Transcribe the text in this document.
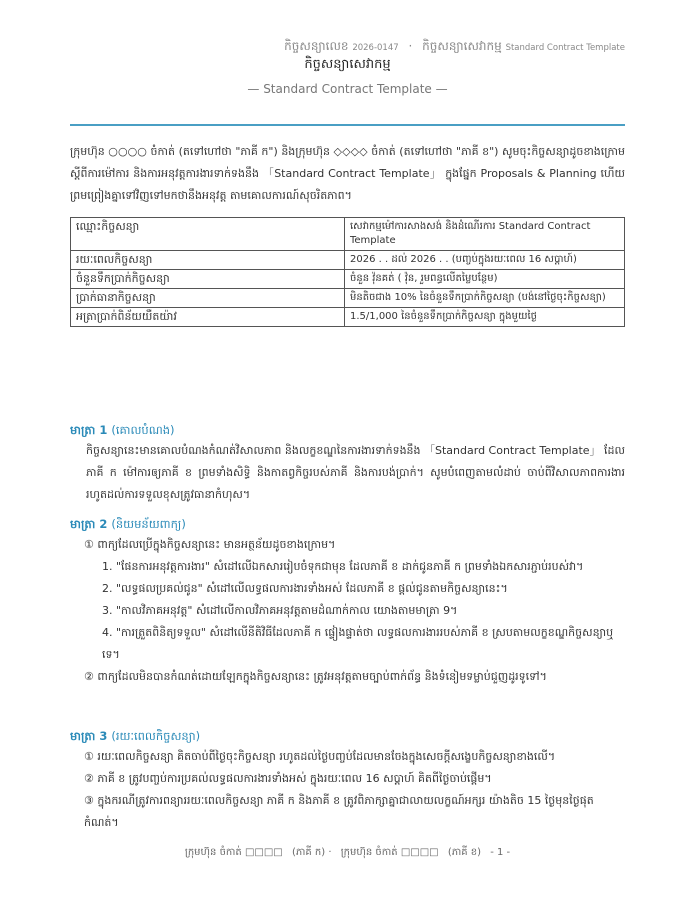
កិច្ចសន្យាលេខ 2026-0147 · កិច្ចសន្យាសេវាកម្ម Standard Contract Template
កិច្ចសន្យាសេវាកម្ម
— Standard Contract Template —
ក្រុមហ៊ុន ○○○○ ចំកាត់ (តទៅហៅថា "ភាគី ក") និងក្រុមហ៊ុន ◇◇◇◇ ចំកាត់ (តទៅហៅថា "ភាគី ខ") សូមចុះកិច្ចសន្យាដូចខាងក្រោម ស្ដីពីការម៉ៅការ និងការអនុវត្តការងារទាក់ទងនឹង 「Standard Contract Template」 ក្នុងផ្នែក Proposals & Planning ហើយព្រមព្រៀងគ្នាទៅវិញទៅមកថានឹងអនុវត្ត តាមគោលការណ៍សុចរិតភាព។
ឈ្មោះកិច្ចសន្យា	សេវាកម្មម៉ៅការសាងសង់ និងដំណើរការ Standard Contract Template
រយៈពេលកិច្ចសន្យា	2026 . . ដល់ 2026 . . (បញ្ចប់ក្នុងរយៈពេល 16 សប្ដាហ៍)
ចំនួនទឹកប្រាក់កិច្ចសន្យា	ចំនួន វ៉ុនគត់ ( វ៉ុន, រួមពន្ធលើតម្លៃបន្ថែម)
ប្រាក់ធានាកិច្ចសន្យា	មិនតិចជាង 10% នៃចំនួនទឹកប្រាក់កិច្ចសន្យា (បង់នៅថ្ងៃចុះកិច្ចសន្យា)
អត្រាប្រាក់ពិន័យយឺតយ៉ាវ	1.5/1,000 នៃចំនួនទឹកប្រាក់កិច្ចសន្យា ក្នុងមួយថ្ងៃ
មាត្រា 1 (គោលបំណង)
កិច្ចសន្យានេះមានគោលបំណងកំណត់វិសាលភាព និងលក្ខខណ្ឌនៃការងារទាក់ទងនឹង 「Standard Contract Template」 ដែលភាគី ក ម៉ៅការឲ្យភាគី ខ ព្រមទាំងសិទ្ធិ និងកាតព្វកិច្ចរបស់ភាគី និងការបង់ប្រាក់។ សូមបំពេញតាមលំដាប់ ចាប់ពីវិសាលភាពការងារ រហូតដល់ការទទួលខុសត្រូវធានាកំហុស។
មាត្រា 2 (និយមន័យពាក្យ)
① ពាក្យដែលប្រើក្នុងកិច្ចសន្យានេះ មានអត្ថន័យដូចខាងក្រោម។
1. "ផែនការអនុវត្តការងារ" សំដៅលើឯកសាររៀបចំទុកជាមុន ដែលភាគី ខ ដាក់ជូនភាគី ក ព្រមទាំងឯកសារភ្ជាប់របស់វា។
2. "លទ្ធផលប្រគល់ជូន" សំដៅលើលទ្ធផលការងារទាំងអស់ ដែលភាគី ខ ផ្ដល់ជូនតាមកិច្ចសន្យានេះ។
3. "កាលវិភាគអនុវត្ត" សំដៅលើកាលវិភាគអនុវត្តតាមដំណាក់កាល យោងតាមមាត្រា 9។
4. "ការត្រួតពិនិត្យទទួល" សំដៅលើនីតិវិធីដែលភាគី ក ផ្ទៀងផ្ទាត់ថា លទ្ធផលការងាររបស់ភាគី ខ ស្របតាមលក្ខខណ្ឌកិច្ចសន្យាឬទេ។
② ពាក្យដែលមិនបានកំណត់ដោយឡែកក្នុងកិច្ចសន្យានេះ ត្រូវអនុវត្តតាមច្បាប់ពាក់ព័ន្ធ និងទំនៀមទម្លាប់ជួញដូរទូទៅ។
មាត្រា 3 (រយៈពេលកិច្ចសន្យា)
① រយៈពេលកិច្ចសន្យា គិតចាប់ពីថ្ងៃចុះកិច្ចសន្យា រហូតដល់ថ្ងៃបញ្ចប់ដែលមានចែងក្នុងសេចក្ដីសង្ខេបកិច្ចសន្យាខាងលើ។
② ភាគី ខ ត្រូវបញ្ចប់ការប្រគល់លទ្ធផលការងារទាំងអស់ ក្នុងរយៈពេល 16 សប្ដាហ៍ គិតពីថ្ងៃចាប់ផ្ដើម។
③ ក្នុងករណីត្រូវការពន្យាររយៈពេលកិច្ចសន្យា ភាគី ក និងភាគី ខ ត្រូវពិភាក្សាគ្នាជាលាយលក្ខណ៍អក្សរ យ៉ាងតិច 15 ថ្ងៃមុនថ្ងៃផុតកំណត់។
ក្រុមហ៊ុន ចំកាត់ □□□□ (ភាគី ក) · ក្រុមហ៊ុន ចំកាត់ □□□□ (ភាគី ខ) - 1 -
